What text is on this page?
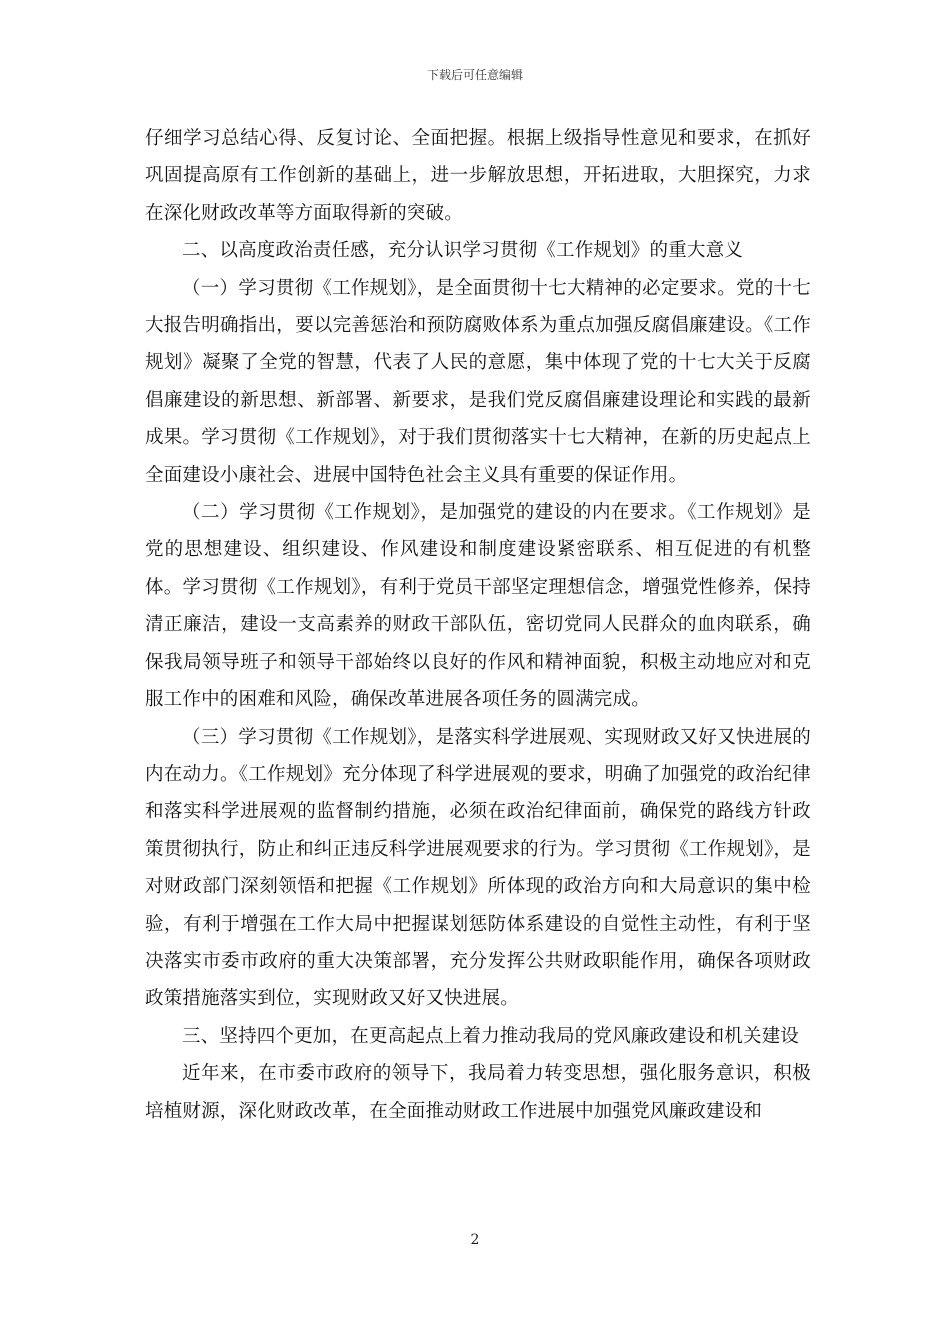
下载后可任意编辑

仔细学习总结心得、反复讨论、全面把握。根据上级指导性意见和要求，在抓好巩固提高原有工作创新的基础上，进一步解放思想，开拓进取，大胆探究，力求在深化财政改革等方面取得新的突破。

二、以高度政治责任感，充分认识学习贯彻《工作规划》的重大意义

（一）学习贯彻《工作规划》，是全面贯彻十七大精神的必定要求。党的十七大报告明确指出，要以完善惩治和预防腐败体系为重点加强反腐倡廉建设。《工作规划》凝聚了全党的智慧，代表了人民的意愿，集中体现了党的十七大关于反腐倡廉建设的新思想、新部署、新要求，是我们党反腐倡廉建设理论和实践的最新成果。学习贯彻《工作规划》，对于我们贯彻落实十七大精神，在新的历史起点上全面建设小康社会、进展中国特色社会主义具有重要的保证作用。

（二）学习贯彻《工作规划》，是加强党的建设的内在要求。《工作规划》是党的思想建设、组织建设、作风建设和制度建设紧密联系、相互促进的有机整体。学习贯彻《工作规划》，有利于党员干部坚定理想信念，增强党性修养，保持清正廉洁，建设一支高素养的财政干部队伍，密切党同人民群众的血肉联系，确保我局领导班子和领导干部始终以良好的作风和精神面貌，积极主动地应对和克服工作中的困难和风险，确保改革进展各项任务的圆满完成。

（三）学习贯彻《工作规划》，是落实科学进展观、实现财政又好又快进展的内在动力。《工作规划》充分体现了科学进展观的要求，明确了加强党的政治纪律和落实科学进展观的监督制约措施，必须在政治纪律面前，确保党的路线方针政策贯彻执行，防止和纠正违反科学进展观要求的行为。学习贯彻《工作规划》，是对财政部门深刻领悟和把握《工作规划》所体现的政治方向和大局意识的集中检验，有利于增强在工作大局中把握谋划惩防体系建设的自觉性主动性，有利于坚决落实市委市政府的重大决策部署，充分发挥公共财政职能作用，确保各项财政政策措施落实到位，实现财政又好又快进展。

三、坚持四个更加，在更高起点上着力推动我局的党风廉政建设和机关建设

近年来，在市委市政府的领导下，我局着力转变思想，强化服务意识，积极培植财源，深化财政改革，在全面推动财政工作进展中加强党风廉政建设和

2
